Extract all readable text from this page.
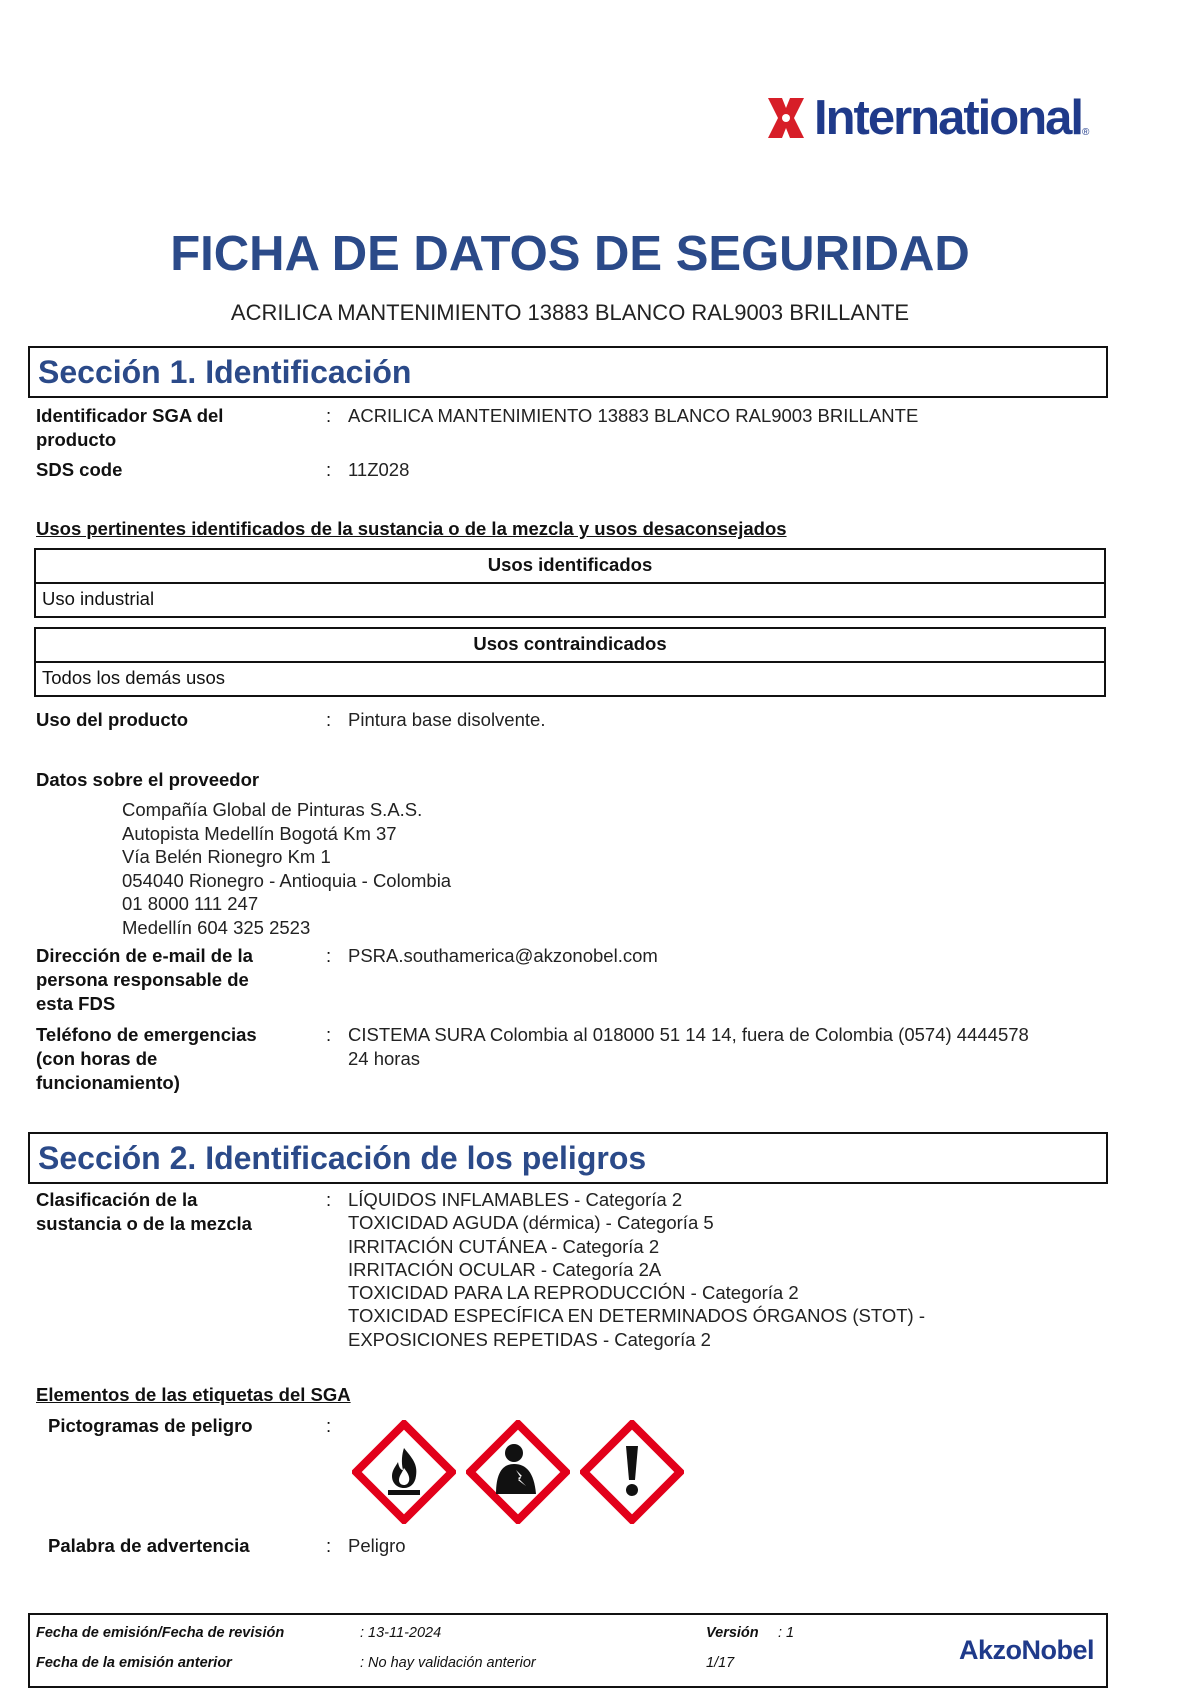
International ®
FICHA DE DATOS DE SEGURIDAD
ACRILICA MANTENIMIENTO 13883 BLANCO RAL9003 BRILLANTE
Sección 1. Identificación
Identificador SGA del producto
: ACRILICA MANTENIMIENTO 13883 BLANCO RAL9003 BRILLANTE
SDS code	: 11Z028
Usos pertinentes identificados de la sustancia o de la mezcla y usos desaconsejados
Usos identificados
Uso industrial
Usos contraindicados
Todos los demás usos
Uso del producto	: Pintura base disolvente.
Datos sobre el proveedor
Compañía Global de Pinturas S.A.S.
Autopista Medellín Bogotá Km 37
Vía Belén Rionegro Km 1
054040 Rionegro - Antioquia - Colombia
01 8000 111 247
Medellín 604 325 2523
Dirección de e-mail de la persona responsable de esta FDS
: PSRA.southamerica@akzonobel.com
Teléfono de emergencias (con horas de funcionamiento)
: CISTEMA SURA Colombia al 018000 51 14 14, fuera de Colombia (0574) 4444578
24 horas
Sección 2. Identificación de los peligros
Clasificación de la sustancia o de la mezcla
: LÍQUIDOS INFLAMABLES - Categoría 2
TOXICIDAD AGUDA (dérmica) - Categoría 5
IRRITACIÓN CUTÁNEA - Categoría 2
IRRITACIÓN OCULAR - Categoría 2A
TOXICIDAD PARA LA REPRODUCCIÓN - Categoría 2
TOXICIDAD ESPECÍFICA EN DETERMINADOS ÓRGANOS (STOT) -
EXPOSICIONES REPETIDAS - Categoría 2
Elementos de las etiquetas del SGA
Pictogramas de peligro	:
Palabra de advertencia	: Peligro
Fecha de emisión/Fecha de revisión	: 13-11-2024	Versión : 1
Fecha de la emisión anterior	: No hay validación anterior	1/17	AkzoNobel
